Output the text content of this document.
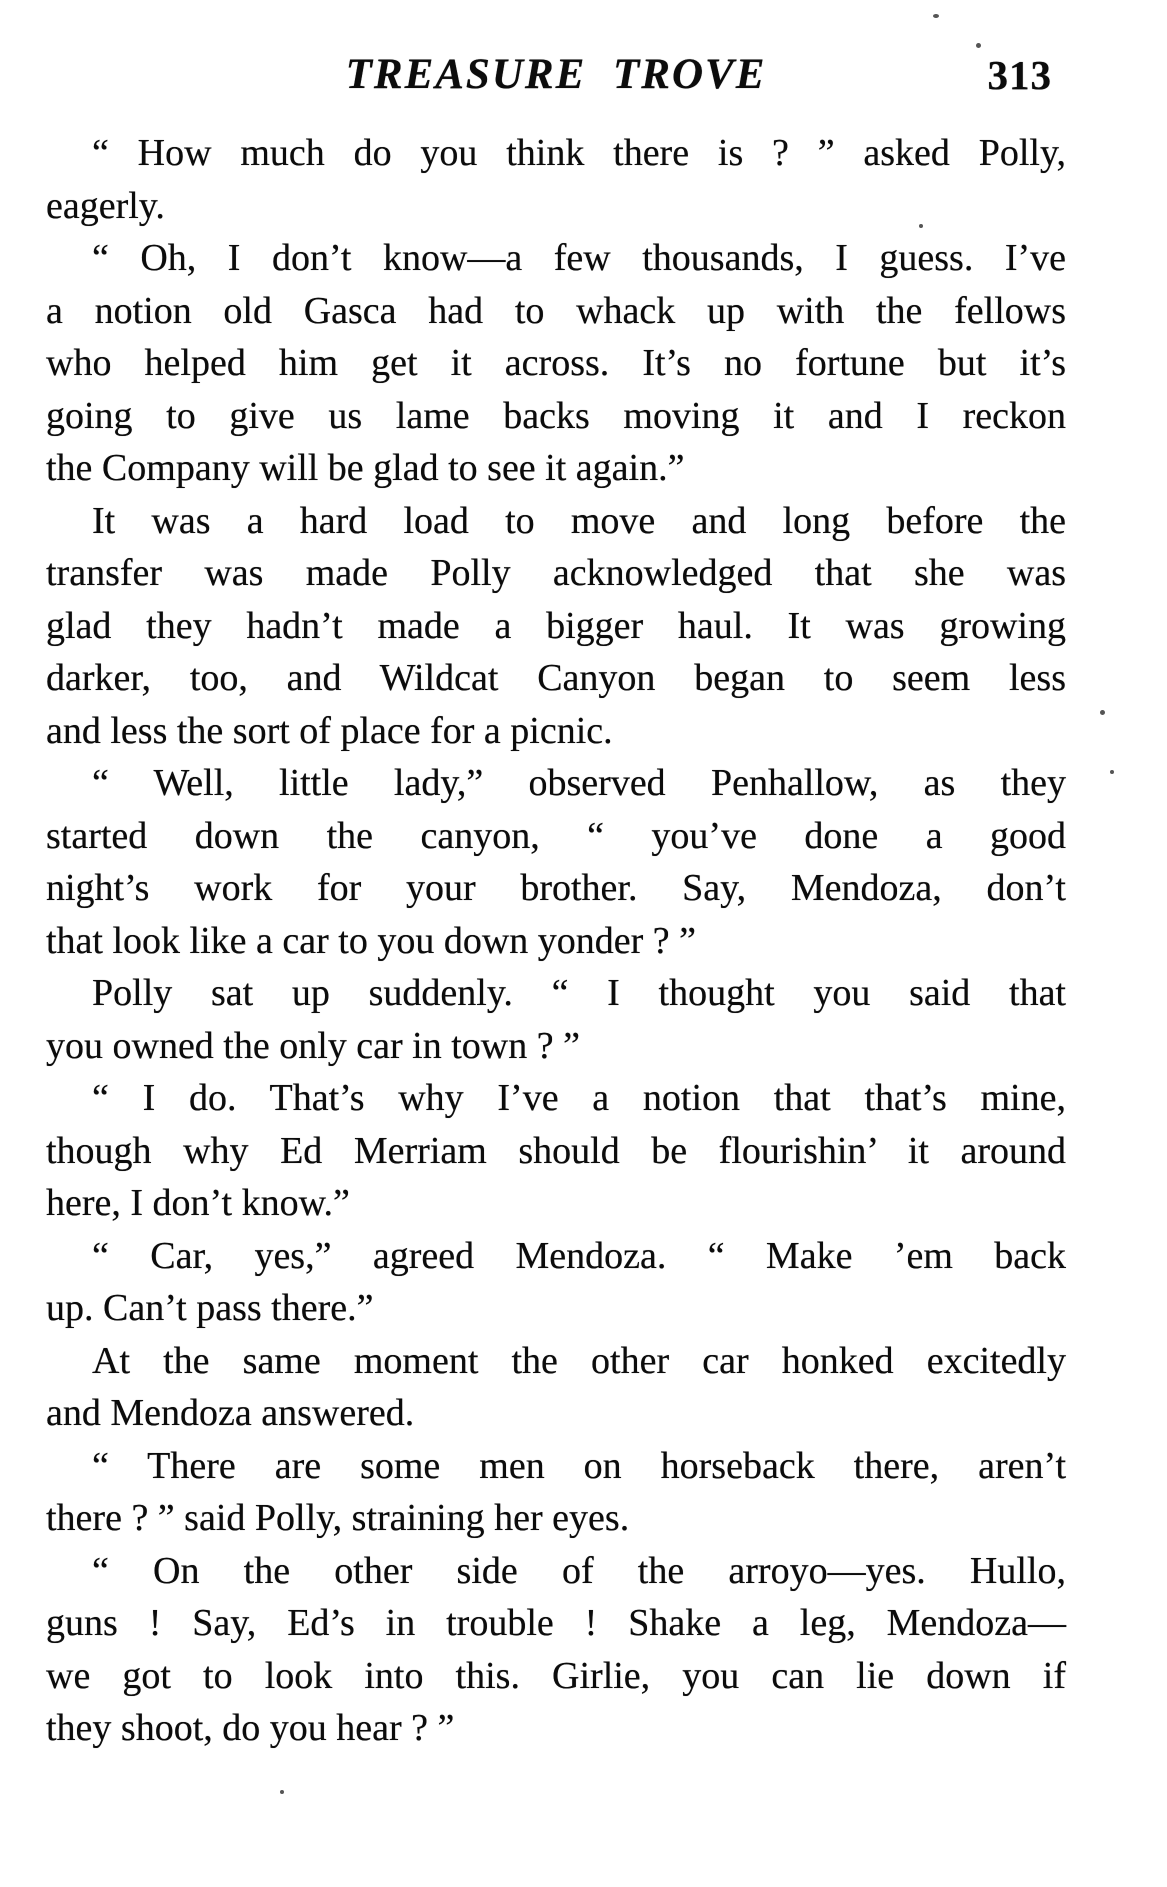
TREASURE TROVE	313
“ How much do you think there is ? ” asked Polly,
eagerly.
“ Oh, I don’t know—a few thousands, I guess. I’ve
a notion old Gasca had to whack up with the fellows
who helped him get it across. It’s no fortune but it’s
going to give us lame backs moving it and I reckon
the Company will be glad to see it again.”
It was a hard load to move and long before the
transfer was made Polly acknowledged that she was
glad they hadn’t made a bigger haul. It was growing
darker, too, and Wildcat Canyon began to seem less
and less the sort of place for a picnic.
“ Well, little lady,” observed Penhallow, as they
started down the canyon, “ you’ve done a good
night’s work for your brother. Say, Mendoza, don’t
that look like a car to you down yonder ? ”
Polly sat up suddenly. “ I thought you said that
you owned the only car in town ? ”
“ I do. That’s why I’ve a notion that that’s mine,
though why Ed Merriam should be flourishin’ it around
here, I don’t know.”
“ Car, yes,” agreed Mendoza. “ Make ’em back
up. Can’t pass there.”
At the same moment the other car honked excitedly
and Mendoza answered.
“ There are some men on horseback there, aren’t
there ? ” said Polly, straining her eyes.
“ On the other side of the arroyo—yes. Hullo,
guns ! Say, Ed’s in trouble ! Shake a leg, Mendoza—
we got to look into this. Girlie, you can lie down if
they shoot, do you hear ? ”
